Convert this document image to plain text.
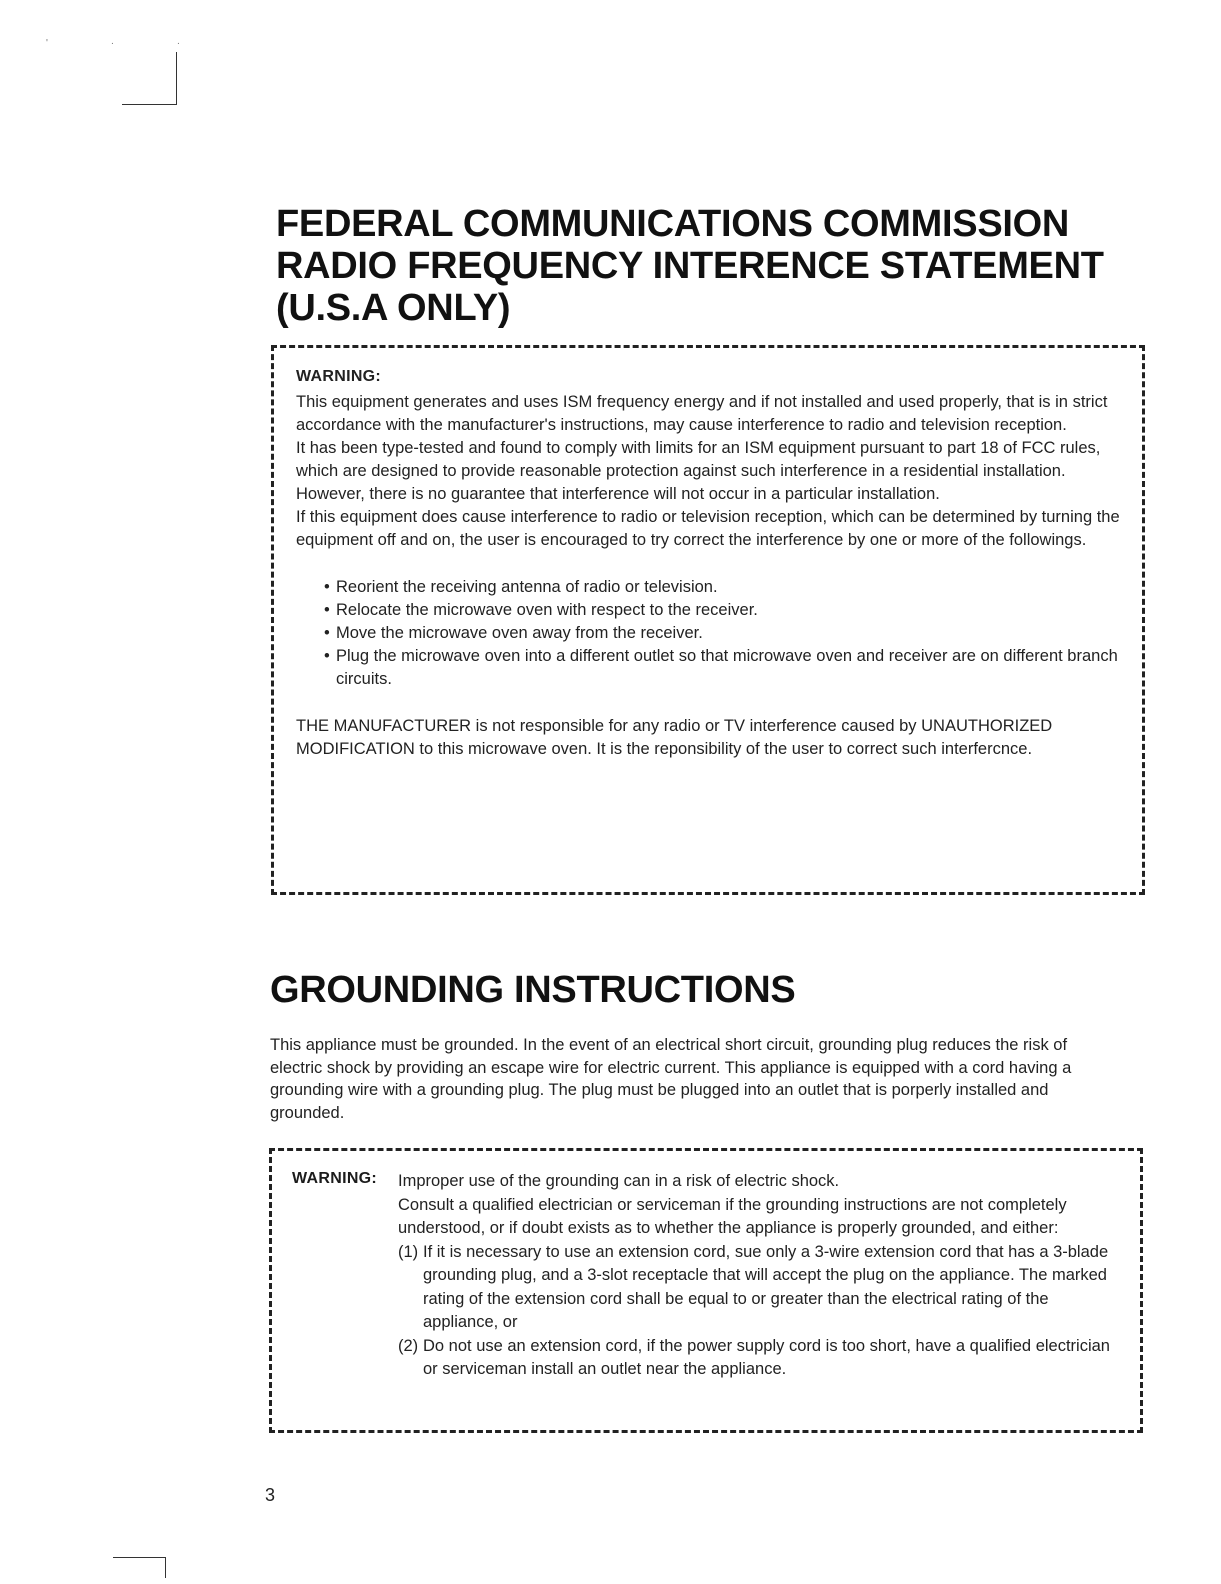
' · ·
FEDERAL COMMUNICATIONS COMMISSION
RADIO FREQUENCY INTERENCE STATEMENT
(U.S.A ONLY)
WARNING:

This equipment generates and uses ISM frequency energy and if not installed and used properly, that is in strict accordance with the manufacturer's instructions, may cause interference to radio and television reception.

It has been type-tested and found to comply with limits for an ISM equipment pursuant to part 18 of FCC rules, which are designed to provide reasonable protection against such interference in a residential installation.

However, there is no guarantee that interference will not occur in a particular installation.

If this equipment does cause interference to radio or television reception, which can be determined by turning the equipment off and on, the user is encouraged to try correct the interference by one or more of the followings.

• Reorient the receiving antenna of radio or television.
• Relocate the microwave oven with respect to the receiver.
• Move the microwave oven away from the receiver.
• Plug the microwave oven into a different outlet so that microwave oven and receiver are on different branch circuits.

THE MANUFACTURER is not responsible for any radio or TV interference caused by UNAUTHORIZED MODIFICATION to this microwave oven. It is the reponsibility of the user to correct such interfercnce.

GROUNDING INSTRUCTIONS

This appliance must be grounded. In the event of an electrical short circuit, grounding plug reduces the risk of electric shock by providing an escape wire for electric current. This appliance is equipped with a cord having a grounding wire with a grounding plug. The plug must be plugged into an outlet that is porperly installed and grounded.

WARNING: Improper use of the grounding can in a risk of electric shock.

Consult a qualified electrician or serviceman if the grounding instructions are not completely understood, or if doubt exists as to whether the appliance is properly grounded, and either:

(1) If it is necessary to use an extension cord, sue only a 3-wire extension cord that has a 3-blade grounding plug, and a 3-slot receptacle that will accept the plug on the appliance. The marked rating of the extension cord shall be equal to or greater than the electrical rating of the appliance, or
(2) Do not use an extension cord, if the power supply cord is too short, have a qualified electrician or serviceman install an outlet near the appliance.
3
